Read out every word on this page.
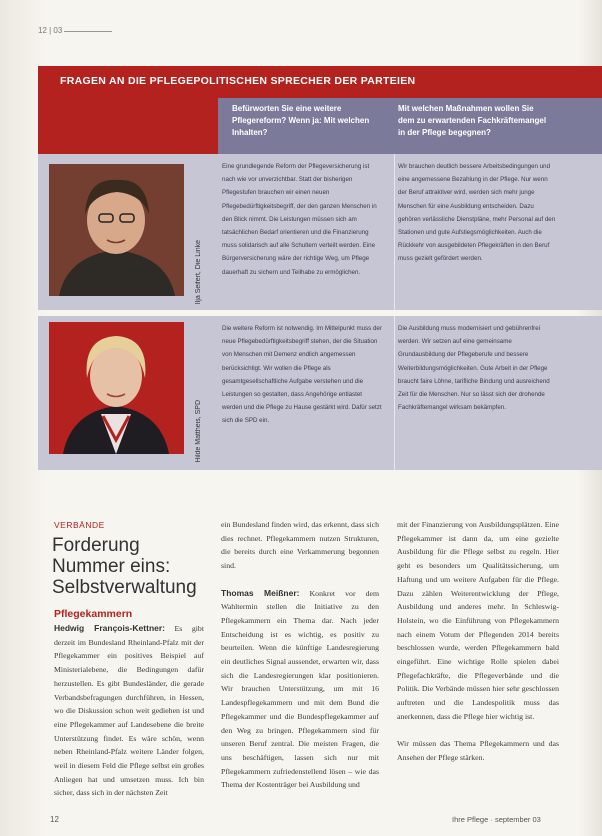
12 | 03
FRAGEN AN DIE PFLEGEPOLITISCHEN SPRECHER DER PARTEIEN
Befürworten Sie eine weitere Pflegereform? Wenn ja: Mit welchen Inhalten?
Mit welchen Maßnahmen wollen Sie dem zu erwartenden Fachkräftemangel in der Pflege begegnen?
Ilja Seifert, Die Linke

Eine grundlegende Reform der Pflegeversicherung ist nach wie vor unverzichtbar. Statt der bisherigen Pflegestufen brauchen wir einen neuen Pflegebedürftigkeitsbegriff, der den ganzen Menschen in den Blick nimmt. Die Leistungen müssen sich am tatsächlichen Bedarf orientieren und die Finanzierung muss solidarisch auf alle Schultern verteilt werden. Eine Bürgerversicherung wäre der richtige Weg, um Pflege dauerhaft zu sichern und Teilhabe zu ermöglichen.

Wir brauchen deutlich bessere Arbeitsbedingungen und eine angemessene Bezahlung in der Pflege. Nur wenn der Beruf attraktiver wird, werden sich mehr junge Menschen für eine Ausbildung entscheiden. Dazu gehören verlässliche Dienstpläne, mehr Personal auf den Stationen und gute Aufstiegsmöglichkeiten. Auch die Rückkehr von ausgebildeten Pflegekräften in den Beruf muss gezielt gefördert werden.

Hilde Mattheis, SPD

Die weitere Reform ist notwendig. Im Mittelpunkt muss der neue Pflegebedürftigkeitsbegriff stehen, der die Situation von Menschen mit Demenz endlich angemessen berücksichtigt. Wir wollen die Pflege als gesamtgesellschaftliche Aufgabe verstehen und die Leistungen so gestalten, dass Angehörige entlastet werden und die Pflege zu Hause gestärkt wird. Dafür setzt sich die SPD ein.

Die Ausbildung muss modernisiert und gebührenfrei werden. Wir setzen auf eine gemeinsame Grundausbildung der Pflegeberufe und bessere Weiterbildungsmöglichkeiten. Gute Arbeit in der Pflege braucht faire Löhne, tarifliche Bindung und ausreichend Zeit für die Menschen. Nur so lässt sich der drohende Fachkräftemangel wirksam bekämpfen.

VERBÄNDE
Forderung Nummer eins: Selbstverwaltung
Pflegekammern

Hedwig François-Kettner: Es gibt derzeit im Bundesland Rheinland-Pfalz mit der Pflegekammer ein positives Beispiel auf Ministerialebene, die Bedingungen dafür herzustellen. Es gibt Bundesländer, die gerade Verbandsbefragungen durchführen, in Hessen, wo die Diskussion schon weit gediehen ist und eine Pflegekammer auf Landesebene die breite Unterstützung findet. Es wäre schön, wenn neben Rheinland-Pfalz weitere Länder folgen, weil in diesem Feld die Pflege selbst ein großes Anliegen hat und umsetzen muss. Ich bin sicher, dass sich in der nächsten Zeit

ein Bundesland finden wird, das erkennt, dass sich dies rechnet. Pflegekammern nutzen Strukturen, die bereits durch eine Verkammerung begonnen sind.

Thomas Meißner: Konkret vor dem Wahltermin stellen die Initiative zu den Pflegekammern ein Thema dar. Nach jeder Entscheidung ist es wichtig, es positiv zu beurteilen. Wenn die künftige Landesregierung ein deutliches Signal aussendet, erwarten wir, dass sich die Landesregierungen klar positionieren. Wir brauchen Unterstützung, um mit 16 Landespflegekammern und mit dem Bund die Pflegekammer und die Bundespflegekammer auf den Weg zu bringen. Pflegekammern sind für unseren Beruf zentral. Die meisten Fragen, die uns beschäftigen, lassen sich nur mit Pflegekammern zufriedenstellend lösen – wie das Thema der Kostenträger bei Ausbildung und

mit der Finanzierung von Ausbildungsplätzen. Eine Pflegekammer ist dann da, um eine gezielte Ausbildung für die Pflege selbst zu regeln. Hier geht es besonders um Qualitätssicherung, um Haftung und um weitere Aufgaben für die Pflege. Dazu zählen Weiterentwicklung der Pflege, Ausbildung und anderes mehr. In Schleswig-Holstein, wo die Einführung von Pflegekammern nach einem Votum der Pflegenden 2014 bereits beschlossen wurde, werden Pflegekammern bald eingeführt. Eine wichtige Rolle spielen dabei Pflegefachkräfte, die Pflegeverbände und die Politik. Die Verbände müssen hier sehr geschlossen auftreten und die Landespolitik muss das anerkennen, dass die Pflege hier wichtig ist.

Wir müssen das Thema Pflegekammern und das Ansehen der Pflege stärken.

12	Ihre Pflege · september 03
